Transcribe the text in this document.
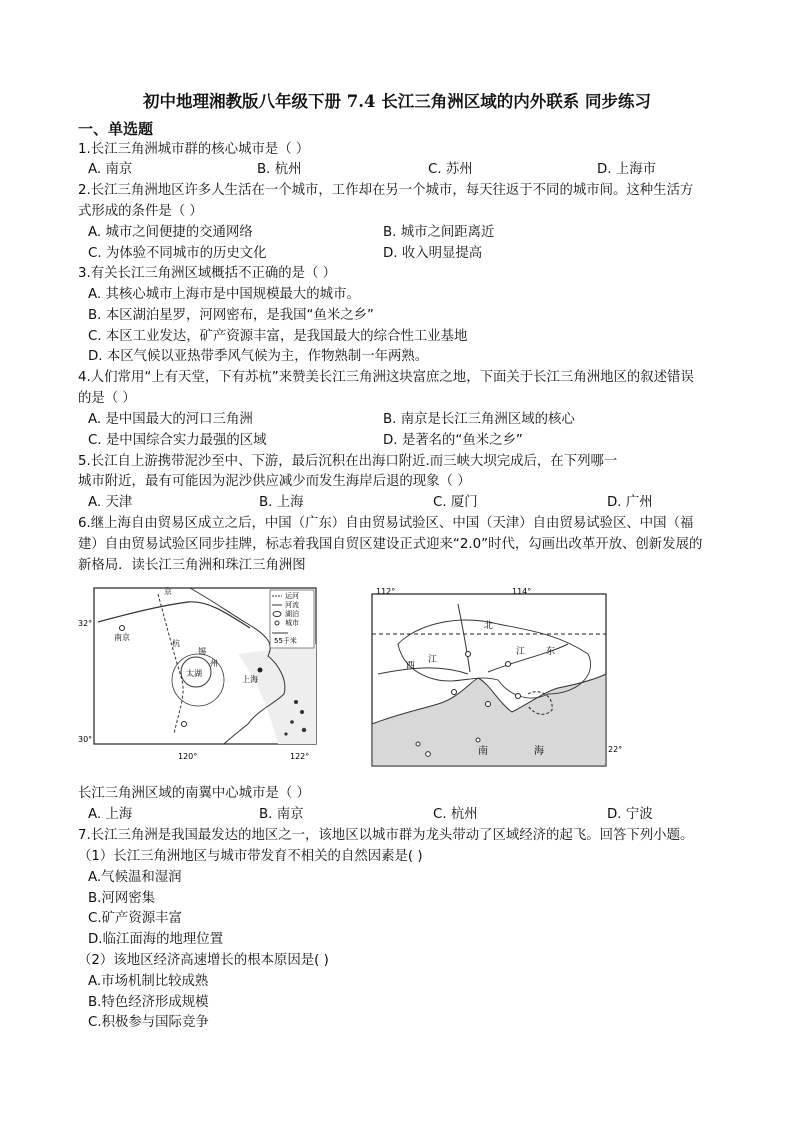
初中地理湘教版八年级下册 7.4 长江三角洲区域的内外联系 同步练习
一、单选题
1.长江三角洲城市群的核心城市是（ ）
A. 南京	B. 杭州	C. 苏州	D. 上海市
2.长江三角洲地区许多人生活在一个城市，工作却在另一个城市，每天往返于不同的城市间。这种生活方
式形成的条件是（ ）
A. 城市之间便捷的交通网络	B. 城市之间距离近
C. 为体验不同城市的历史文化	D. 收入明显提高
3.有关长江三角洲区域概括不正确的是（ ）
A. 其核心城市上海市是中国规模最大的城市。
B. 本区湖泊星罗，河网密布，是我国“鱼米之乡”
C. 本区工业发达，矿产资源丰富，是我国最大的综合性工业基地
D. 本区气候以亚热带季风气候为主，作物熟制一年两熟。
4.人们常用“上有天堂，下有苏杭”来赞美长江三角洲这块富庶之地，下面关于长江三角洲地区的叙述错误
的是（ ）
A. 是中国最大的河口三角洲	B. 南京是长江三角洲区域的核心
C. 是中国综合实力最强的区域	D. 是著名的“鱼米之乡”
5.长江自上游携带泥沙至中、下游，最后沉积在出海口附近.而三峡大坝完成后，在下列哪一
城市附近，最有可能因为泥沙供应减少而发生海岸后退的现象（ ）
A. 天津	B. 上海	C. 厦门	D. 广州
6.继上海自由贸易区成立之后，中国（广东）自由贸易试验区、中国（天津）自由贸易试验区、中国（福
建）自由贸易试验区同步挂牌，标志着我国自贸区建设正式迎来“2.0”时代，勾画出改革开放、创新发展的
新格局．读长江三角洲和珠江三角洲图
运河
河流
湖泊
城市
55千米
32°
30°
120°	122°
南京
京
杭
锡
州
太湖
上海
112°	114°
22°
西
江
北
江 东
南	海
长江三角洲区域的南翼中心城市是（ ）
A. 上海	B. 南京	C. 杭州	D. 宁波
7.长江三角洲是我国最发达的地区之一，该地区以城市群为龙头带动了区域经济的起飞。回答下列小题。
（1）长江三角洲地区与城市带发育不相关的自然因素是( )
A.气候温和湿润
B.河网密集
C.矿产资源丰富
D.临江面海的地理位置
（2）该地区经济高速增长的根本原因是( )
A.市场机制比较成熟
B.特色经济形成规模
C.积极参与国际竞争
